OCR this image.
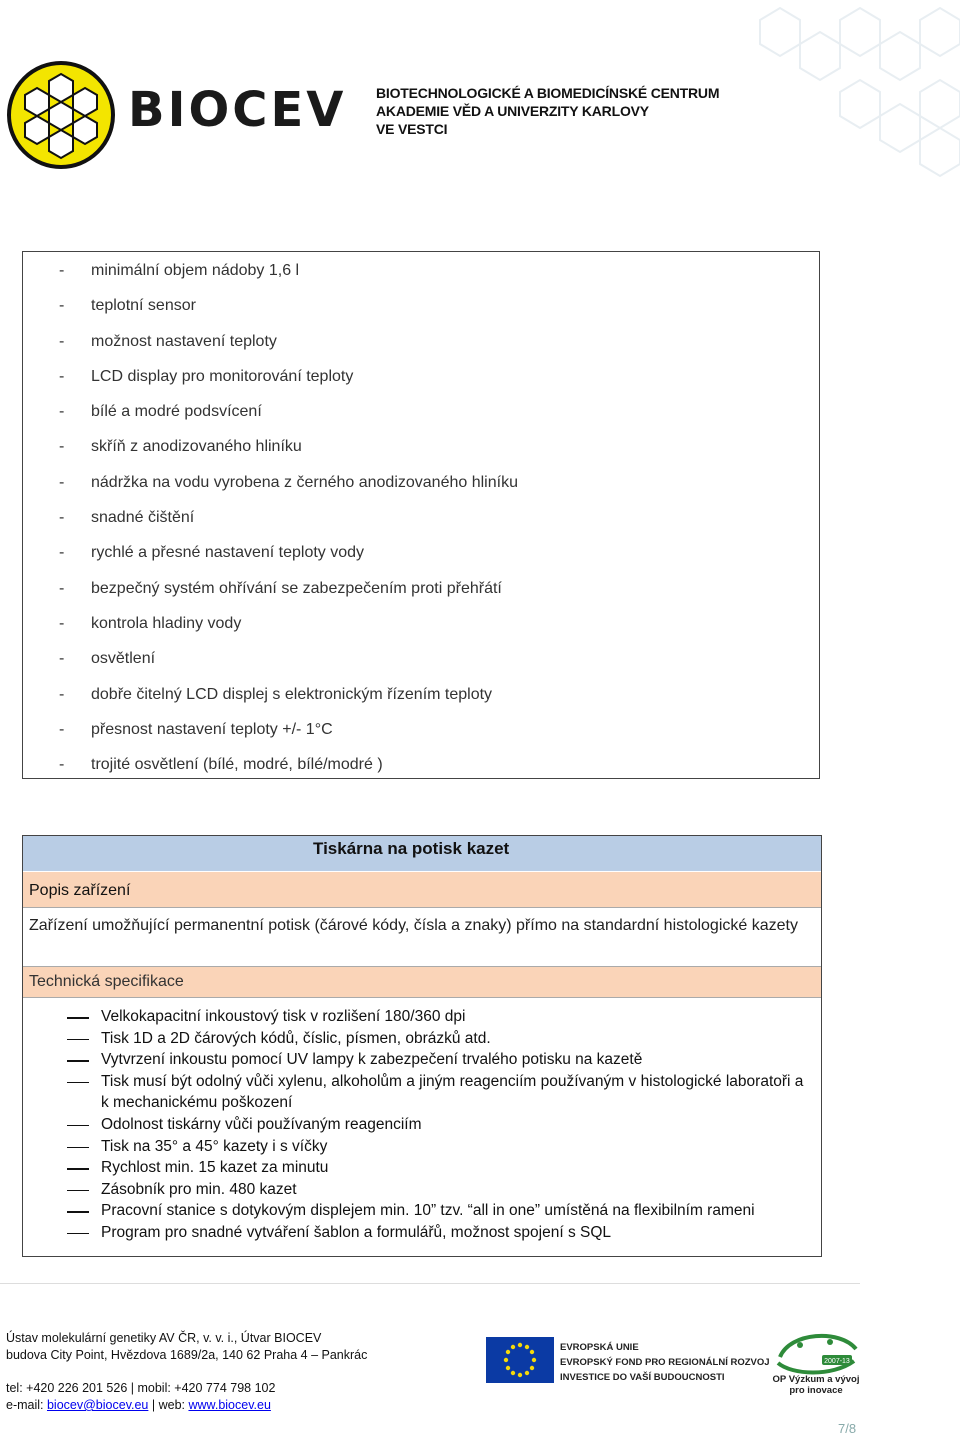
BIOCEV BIOTECHNOLOGICKÉ A BIOMEDICÍNSKÉ CENTRUM
AKADEMIE VĚD A UNIVERZITY KARLOVY
VE VESTCI
- minimální objem nádoby 1,6 l
- teplotní sensor
- možnost nastavení teploty
- LCD display pro monitorování teploty
- bílé a modré podsvícení
- skříň z anodizovaného hliníku
- nádržka na vodu vyrobena z černého anodizovaného hliníku
- snadné čištění
- rychlé a přesné nastavení teploty vody
- bezpečný systém ohřívání se zabezpečením proti přehřátí
- kontrola hladiny vody
- osvětlení
- dobře čitelný LCD displej s elektronickým řízením teploty
- přesnost nastavení teploty +/- 1°C
- trojité osvětlení (bílé, modré, bílé/modré )
Tiskárna na potisk kazet
Popis zařízení
Zařízení umožňující permanentní potisk (čárové kódy, čísla a znaky) přímo na standardní histologické kazety
Technická specifikace
Velkokapacitní inkoustový tisk v rozlišení 180/360 dpi
Tisk 1D a 2D čárových kódů, číslic, písmen, obrázků atd.
Vytvrzení inkoustu pomocí UV lampy k zabezpečení trvalého potisku na kazetě
Tisk musí být odolný vůči xylenu, alkoholům a jiným reagenciím používaným v histologické laboratoři a k mechanickému poškození
Odolnost tiskárny vůči používaným reagenciím
Tisk na 35° a 45° kazety i s víčky
Rychlost min. 15 kazet za minutu
Zásobník pro min. 480 kazet
Pracovní stanice s dotykovým displejem min. 10” tzv. “all in one” umístěná na flexibilním rameni
Program pro snadné vytváření šablon a formulářů, možnost spojení s SQL
Ústav molekulární genetiky AV ČR, v. v. i., Útvar BIOCEV
budova City Point, Hvězdova 1689/2a, 140 62 Praha 4 – Pankrác
tel: +420 226 201 526 | mobil: +420 774 798 102
e-mail: biocev@biocev.eu | web: www.biocev.eu
EVROPSKÁ UNIE
EVROPSKÝ FOND PRO REGIONÁLNÍ ROZVOJ
INVESTICE DO VAŠÍ BUDOUCNOSTI
2007-13
OP Výzkum a vývoj
pro inovace
7/8
